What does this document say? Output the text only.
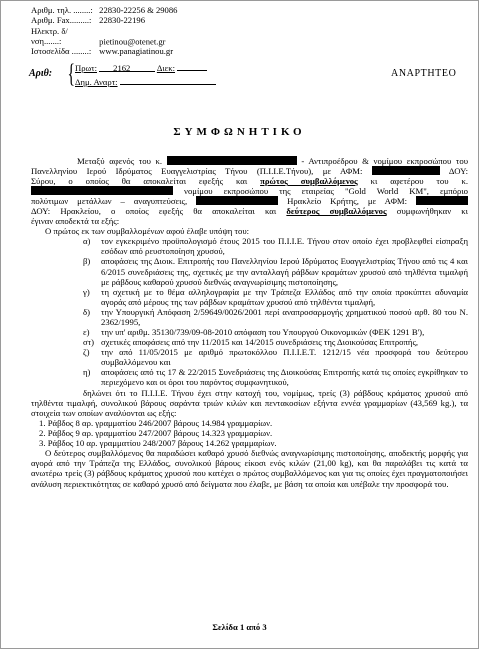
Αριθμ. τηλ. ........: 22830-22256 & 29086
Αριθμ. Fax.........: 22830-22196
Ηλεκτρ. δ/νση.......:	pietinou@otenet.gr
Ιστοσελίδα ........: www.panagiatinou.gr
Αριθ: { Πρωτ: 2162	Διεκ:
Δημ. Αναρτ:
ΑΝΑΡΤΗΤΕΟ
ΣΥΜΦΩΝΗΤΙΚΟ

Μεταξύ αφενός του κ.	- Αντιπροέδρου & νομίμου εκπροσώπου του

Πανελληνίου Ιερού Ιδρύματος Ευαγγελιστρίας Τήνου (Π.Ι.Ι.Ε.Τήνου), με ΑΦΜ:	ΔΟΥ:

Σύρου, ο οποίος θα αποκαλείται εφεξής και πρώτος συμβαλλόμενος κι αφετέρου του κ.

νομίμου εκπροσώπου της εταιρείας "Gold World KM", εμπόριο

πολύτιμων μετάλλων – αναγυπτεύσεις,	Ηρακλείο Κρήτης, με ΑΦΜ:

ΔΟΥ: Ηρακλείου, ο οποίος εφεξής θα αποκαλείται και δεύτερος συμβαλλόμενος συμφωνήθηκαν κι

έγιναν αποδεκτά τα εξής:

Ο πρώτος εκ των συμβαλλομένων αφού έλαβε υπόψη του:

α) τον εγκεκριμένο προϋπολογισμό έτους 2015 του Π.Ι.Ι.Ε. Τήνου στον οποίο έχει προβλεφθεί είσπραξη εσόδων από ρευστοποίηση χρυσού,
β) αποφάσεις της Διοικ. Επιτροπής του Πανελληνίου Ιερού Ιδρύματος Ευαγγελιστρίας Τήνου από τις 4 και 6/2015 συνεδριάσεις της, σχετικές με την ανταλλαγή ράβδων κραμάτων χρυσού από τηλθέντα τιμαλφή με ράβδους καθαρού χρυσού διεθνώς αναγνωρίσιμης πιστοποίησης,
γ) τη σχετική με το θέμα αλληλογραφία με την Τράπεζα Ελλάδος από την οποία προκύπτει αδυναμία αγοράς από μέρους της των ράβδων κραμάτων χρυσού από τηλθέντα τιμαλφή,
δ) την Υπουργική Απόφαση 2/59649/0026/2001 περί αναπροσαρμογής χρηματικού ποσού αρθ. 80 του Ν. 2362/1995,
ε) την υπ' αριθμ. 35130/739/09-08-2010 απόφαση του Υπουργού Οικονομικών (ΦΕΚ 1291 Β'),
στ) σχετικές αποφάσεις από την 11/2015 και 14/2015 συνεδριάσεις της Διοικούσας Επιτροπής,
ζ) την από 11/05/2015 με αριθμό πρωτοκόλλου Π.Ι.Ι.Ε.Τ. 1212/15 νέα προσφορά του δεύτερου συμβαλλόμενου και
η) αποφάσεις από τις 17 & 22/2015 Συνεδριάσεις της Διοικούσας Επιτροπής κατά τις οποίες εγκρίθηκαν το περιεχόμενο και οι όροι του παρόντος συμφωνητικού,

δηλώνει ότι το Π.Ι.Ι.Ε. Τήνου έχει στην κατοχή του, νομίμως, τρείς (3) ράβδους κράματος χρυσού από τηλθέντα τιμαλφή, συνολικού βάρους σαράντα τριών κιλών και πεντακοσίων εξήντα εννέα γραμμαρίων (43,569 kg.), τα στοιχεία των οποίων αναλύονται ως εξής:

1. Ράβδος 8 αρ. γραμματίου 246/2007 βάρους 14.984 γραμμαρίων.
2. Ράβδος 9 αρ. γραμματίου 247/2007 βάρους 14.323 γραμμαρίων.
3. Ράβδος 10 αρ. γραμματίου 248/2007 βάρους 14.262 γραμμαρίων.

Ο δεύτερος συμβαλλόμενος θα παραδώσει καθαρό χρυσό διεθνώς αναγνωρίσιμης πιστοποίησης, αποδεκτής μορφής για αγορά από την Τράπεζα της Ελλάδος, συνολικού βάρους είκοσι ενός κιλών (21,00 kg), και θα παραλάβει τις κατά τα ανωτέρω τρείς (3) ράβδους κράματος χρυσού που κατέχει ο πρώτος συμβαλλόμενος και για τις οποίες έχει πραγματοποιήσει ανάλυση περιεκτικότητας σε καθαρό χρυσό από δείγματα που έλαβε, με βάση τα οποία και υπέβαλε την προσφορά του.

Σελίδα 1 από 3
